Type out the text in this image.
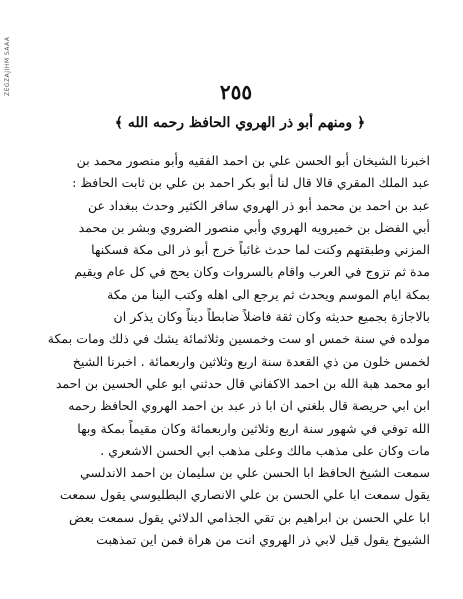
ZEGZAJIHM SAAA	٢٥٥
﴿ ومنهم أبو ذر الهروي الحافظ رحمه الله ﴾
اخبرنا الشيخان أبو الحسن علي بن احمد الفقيه وأبو منصور محمد بن
عبد الملك المقري قالا قال لنا أبو بكر احمد بن علي بن ثابت الحافظ :
عبد بن احمد بن محمد أبو ذر الهروي سافر الكثير وحدث ببغداد عن
أبي الفضل بن خميرويه الهروي وأبي منصور الضروي وبشر بن محمد
المزني وطبقتهم وكنت لما حدث غائباً خرج أبو ذر الى مكة فسكنها
مدة ثم تزوج في العرب واقام بالسروات وكان يحج في كل عام ويقيم
بمكة ايام الموسم ويحدث ثم يرجع الى اهله وكتب الينا من مكة
بالاجازة بجميع حديثه وكان ثقة فاضلاً ضابطاً ديناً وكان يذكر ان
مولده في سنة خمس او ست وخمسين وثلاثمائة يشك في ذلك ومات بمكة
لخمس خلون من ذي القعدة سنة اربع وثلاثين واربعمائة . اخبرنا الشيخ
ابو محمد هبة الله بن احمد الاكفاني قال حدثني ابو علي الحسين بن احمد
ابن ابي حريصة قال بلغني ان ابا ذر عبد بن احمد الهروي الحافظ رحمه
الله توفي في شهور سنة اربع وثلاثين واربعمائة وكان مقيماً بمكة وبها
مات وكان على مذهب مالك وعلى مذهب ابي الحسن الاشعري .
سمعت الشيخ الحافظ ابا الحسن علي بن سليمان بن احمد الاندلسي
يقول سمعت ابا علي الحسن بن علي الانصاري البطليوسي يقول سمعت
ابا علي الحسن بن ابراهيم بن تقي الجذامي الدلائي يقول سمعت بعض
الشيوخ يقول قيل لابي ذر الهروي انت من هراة فمن اين تمذهبت
